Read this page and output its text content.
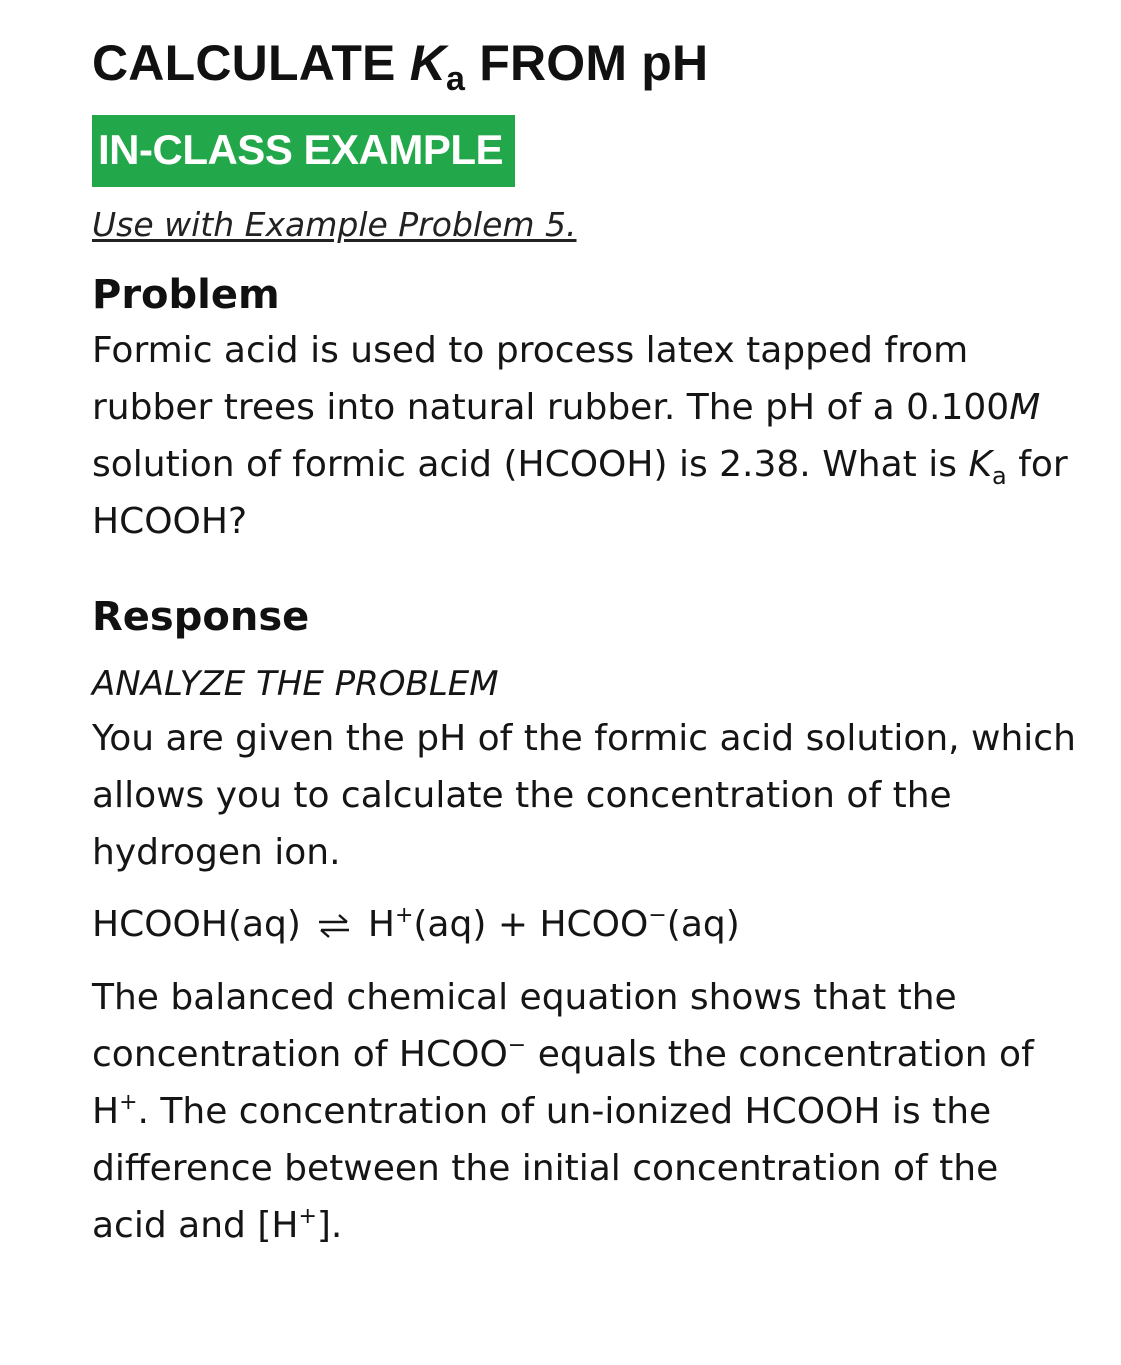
CALCULATE $K_a$ FROM pH
IN-CLASS EXAMPLE
Use with Example Problem 5.
Problem

Formic acid is used to process latex tapped from rubber trees into natural rubber. The pH of a 0.100M solution of formic acid (HCOOH) is 2.38. What is $K_a$ for HCOOH?

Response
ANALYZE THE PROBLEM

You are given the pH of the formic acid solution, which allows you to calculate the concentration of the hydrogen ion.

HCOOH(aq) ⇌ H+(aq) + HCOO−(aq)

The balanced chemical equation shows that the concentration of HCOO− equals the concentration of H+. The concentration of un-ionized HCOOH is the difference between the initial concentration of the acid and [H+].
